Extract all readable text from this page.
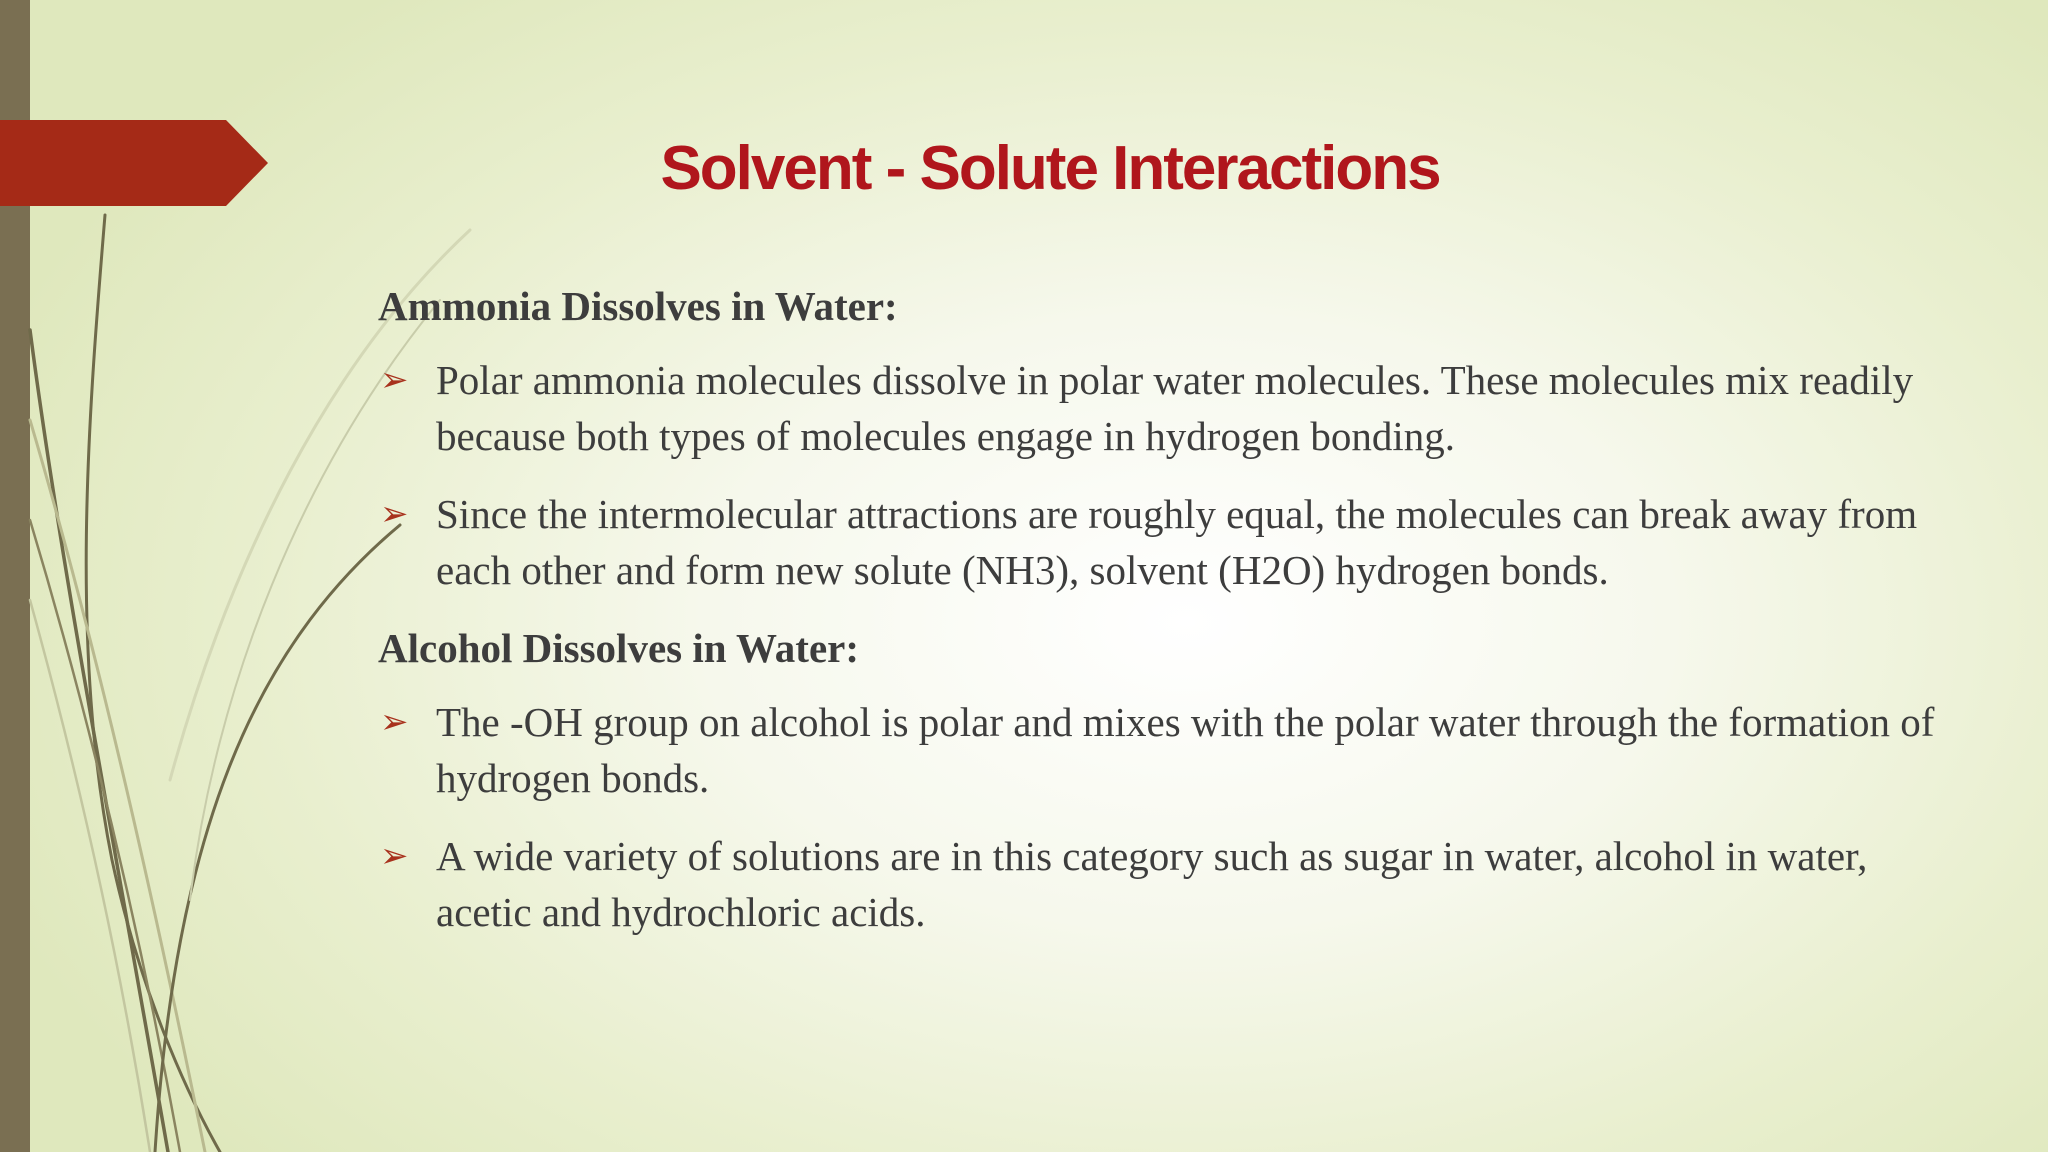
Solvent - Solute Interactions
Ammonia Dissolves in Water:
➢ Polar ammonia molecules dissolve in polar water molecules. These molecules mix readily because both types of molecules engage in hydrogen bonding.
➢ Since the intermolecular attractions are roughly equal, the molecules can break away from each other and form new solute (NH3), solvent (H2O) hydrogen bonds.
Alcohol Dissolves in Water:
➢ The -OH group on alcohol is polar and mixes with the polar water through the formation of hydrogen bonds.
➢ A wide variety of solutions are in this category such as sugar in water, alcohol in water, acetic and hydrochloric acids.
